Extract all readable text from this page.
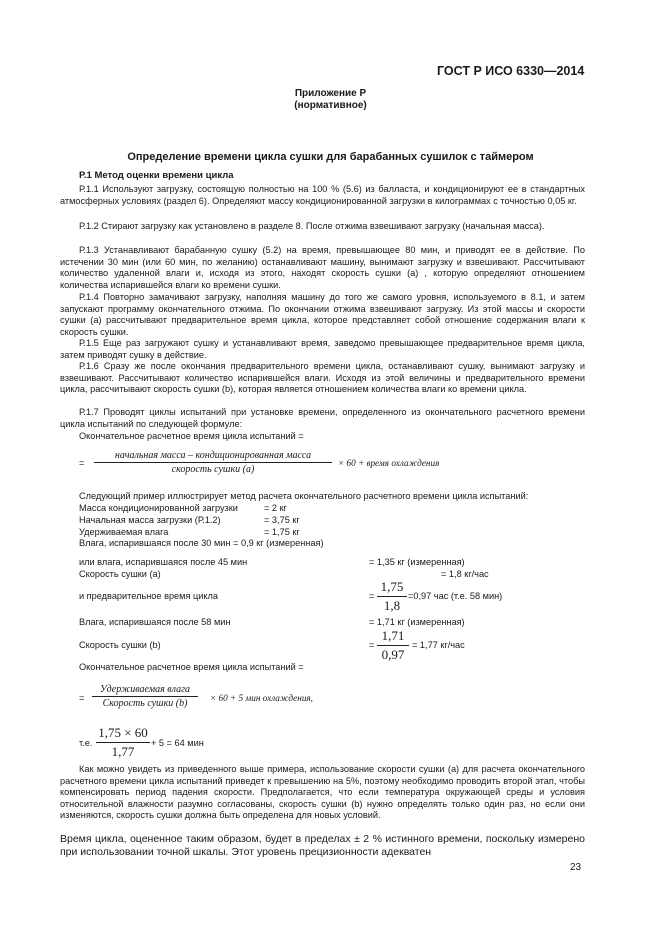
ГОСТ Р ИСО 6330—2014
Приложение Р
(нормативное)
Определение времени цикла сушки для барабанных сушилок с таймером
Р.1 Метод оценки времени цикла
Р.1.1 Используют загрузку, состоящую полностью на 100 % (5.6) из балласта, и кондиционируют ее в стандартных атмосферных условиях (раздел 6). Определяют массу кондиционированной загрузки в килограммах с точностью 0,05 кг.
Р.1.2 Стирают загрузку как установлено в разделе 8. После отжима взвешивают загрузку (начальная масса).
Р.1.3 Устанавливают барабанную сушку (5.2) на время, превышающее 80 мин, и приводят ее в действие. По истечении 30 мин (или 60 мин, по желанию) останавливают машину, вынимают загрузку и взвешивают. Рассчитывают количество удаленной влаги и, исходя из этого, находят скорость сушки (a) , которую определяют отношением количества испарившейся влаги ко времени сушки.
Р.1.4 Повторно замачивают загрузку, наполняя машину до того же самого уровня, используемого в 8.1, и затем запускают программу окончательного отжима. По окончании отжима взвешивают загрузку. Из этой массы и скорости сушки (a) рассчитывают предварительное время цикла, которое представляет собой отношение содержания влаги к скорость сушки.
Р.1.5 Еще раз загружают сушку и устанавливают время, заведомо превышающее предварительное время цикла, затем приводят сушку в действие.
Р.1.6 Сразу же после окончания предварительного времени цикла, останавливают сушку, вынимают загрузку и взвешивают. Рассчитывают количество испарившейся влаги. Исходя из этой величины и предварительного времени цикла, рассчитывают скорость сушки (b), которая является отношением количества влаги ко времени цикла.
Р.1.7 Проводят циклы испытаний при установке времени, определенного из окончательного расчетного времени цикла испытаний по следующей формуле:
Окончательное расчетное время цикла испытаний =
=
начальная масса – кондиционированная масса
скорость сушки (a)
× 60 + время охлаждения
Следующий пример иллюстрирует метод расчета окончательного расчетного времени цикла испытаний:
Масса кондиционированной загрузки	= 2 кг
Начальная масса загрузки (Р.1.2)	= 3,75 кг
Удерживаемая влага	= 1,75 кг
Влага, испарившаяся после 30 мин = 0,9 кг (измеренная)
или влага, испарившаяся после 45 мин	= 1,35 кг (измеренная)
Скорость сушки (a)	= 1,8 кг/час
и предварительное время цикла	= $\frac{1,75}{1,8} =0,97$ час (т.е. 58 мин)
Влага, испарившаяся после 58 мин	= 1,71 кг (измеренная)
Скорость сушки (b)	= $\frac{1,71}{0,97} = 1,77$ кг/час
Окончательное расчетное время цикла испытаний =
=
Удерживаемая влага
Скорость сушки (b)	× 60 + 5 мин охлаждения,
т.е. $\frac{1,75 \times 60}{1,77} + 5 = 64$ мин
Как можно увидеть из приведенного выше примера, использование скорости сушки (a) для расчета окончательного расчетного времени цикла испытаний приведет к превышению на 5%, поэтому необходимо проводить второй этап, чтобы компенсировать период падения скорости. Предполагается, что если температура окружающей среды и условия относительной влажности разумно согласованы, скорость сушки (b) нужно определять только один раз, но если они изменяются, скорость сушки должна быть определена для новых условий.
Время цикла, оцененное таким образом, будет в пределах ± 2 % истинного времени, поскольку измерено при использовании точной шкалы. Этот уровень прецизионности адекватен
23
